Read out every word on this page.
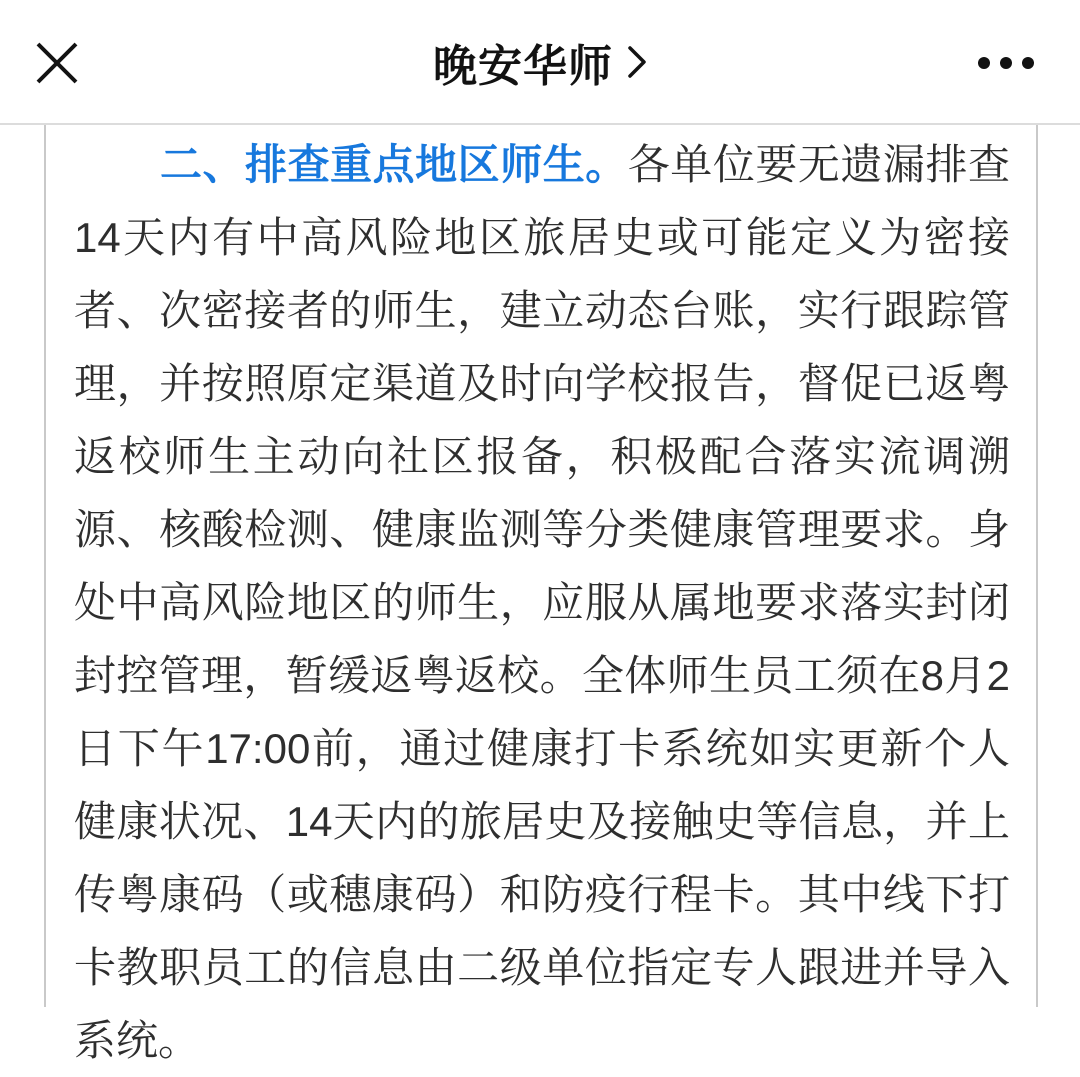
晚安华师

二、排查重点地区师生。各单位要无遗漏排查14天内有中高风险地区旅居史或可能定义为密接者、次密接者的师生，建立动态台账，实行跟踪管理，并按照原定渠道及时向学校报告，督促已返粤返校师生主动向社区报备，积极配合落实流调溯源、核酸检测、健康监测等分类健康管理要求。身处中高风险地区的师生，应服从属地要求落实封闭封控管理，暂缓返粤返校。全体师生员工须在8月2日下午17:00前，通过健康打卡系统如实更新个人健康状况、14天内的旅居史及接触史等信息，并上传粤康码（或穗康码）和防疫行程卡。其中线下打卡教职员工的信息由二级单位指定专人跟进并导入系统。
